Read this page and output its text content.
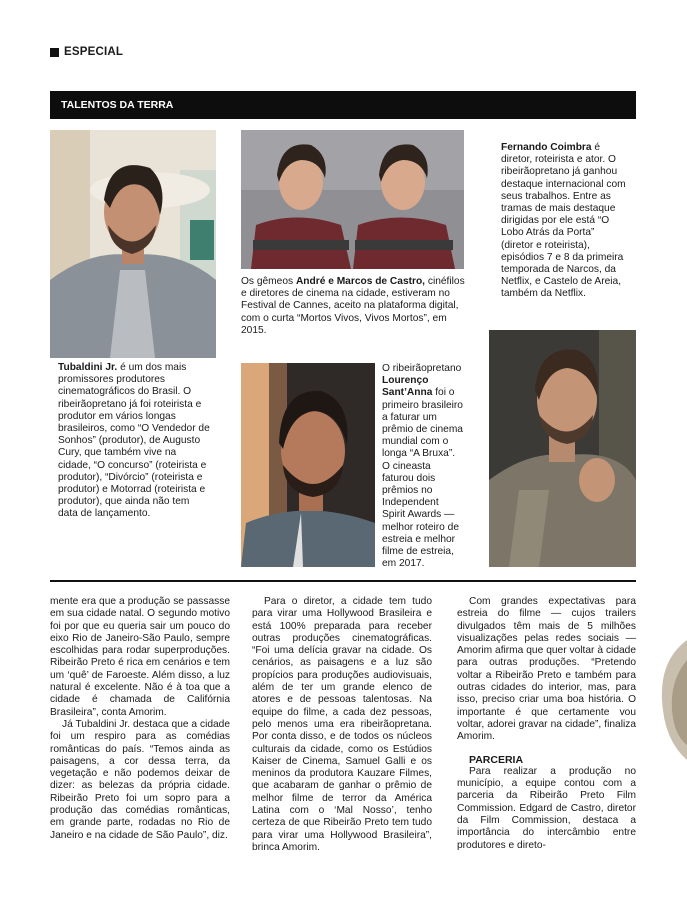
ESPECIAL
TALENTOS DA TERRA
Tubaldini Jr. é um dos mais promissores produtores cinematográficos do Brasil. O ribeirãopretano já foi roteirista e produtor em vários longas brasileiros, como “O Vendedor de Sonhos” (produtor), de Augusto Cury, que também vive na cidade, “O concurso” (roteirista e produtor), “Divórcio” (roteirista e produtor) e Motorrad (roteirista e produtor), que ainda não tem data de lançamento.
Os gêmeos André e Marcos de Castro, cinéfilos e diretores de cinema na cidade, estiveram no Festival de Cannes, aceito na plataforma digital, com o curta “Mortos Vivos, Vivos Mortos”, em 2015.
Fernando Coimbra é diretor, roteirista e ator. O ribeirãopretano já ganhou destaque internacional com seus trabalhos. Entre as tramas de mais destaque dirigidas por ele está “O Lobo Atrás da Porta” (diretor e roteirista), episódios 7 e 8 da primeira temporada de Narcos, da Netflix, e Castelo de Areia, também da Netflix.
O ribeirãopretano Lourenço Sant’Anna foi o primeiro brasileiro a faturar um prêmio de cinema mundial com o longa “A Bruxa”. O cineasta faturou dois prêmios no Independent Spirit Awards — melhor roteiro de estreia e melhor filme de estreia, em 2017.

mente era que a produção se passasse em sua cidade natal. O segundo motivo foi por que eu queria sair um pouco do eixo Rio de Janeiro-São Paulo, sempre escolhidas para rodar superproduções. Ribeirão Preto é rica em cenários e tem um ‘quê’ de Faroeste. Além disso, a luz natural é excelente. Não é à toa que a cidade é chamada de Califórnia Brasileira”, conta Amorim.

Já Tubaldini Jr. destaca que a cidade foi um respiro para as comédias românticas do país. “Temos ainda as paisagens, a cor dessa terra, da vegetação e não podemos deixar de dizer: as belezas da própria cidade. Ribeirão Preto foi um sopro para a produção das comédias românticas, em grande parte, rodadas no Rio de Janeiro e na cidade de São Paulo”, diz.

Para o diretor, a cidade tem tudo para virar uma Hollywood Brasileira e está 100% preparada para receber outras produções cinematográficas. “Foi uma delícia gravar na cidade. Os cenários, as paisagens e a luz são propícios para produções audiovisuais, além de ter um grande elenco de atores e de pessoas talentosas. Na equipe do filme, a cada dez pessoas, pelo menos uma era ribeirãopretana. Por conta disso, e de todos os núcleos culturais da cidade, como os Estúdios Kaiser de Cinema, Samuel Galli e os meninos da produtora Kauzare Filmes, que acabaram de ganhar o prêmio de melhor filme de terror da América Latina com o ‘Mal Nosso’, tenho certeza de que Ribeirão Preto tem tudo para virar uma Hollywood Brasileira”, brinca Amorim.

Com grandes expectativas para estreia do filme — cujos trailers divulgados têm mais de 5 milhões visualizações pelas redes sociais — Amorim afirma que quer voltar à cidade para outras produções. “Pretendo voltar a Ribeirão Preto e também para outras cidades do interior, mas, para isso, preciso criar uma boa história. O importante é que certamente vou voltar, adorei gravar na cidade”, finaliza Amorim.

PARCERIA

Para realizar a produção no município, a equipe contou com a parceria da Ribeirão Preto Film Commission. Edgard de Castro, diretor da Film Commission, destaca a importância do intercâmbio entre produtores e direto-
